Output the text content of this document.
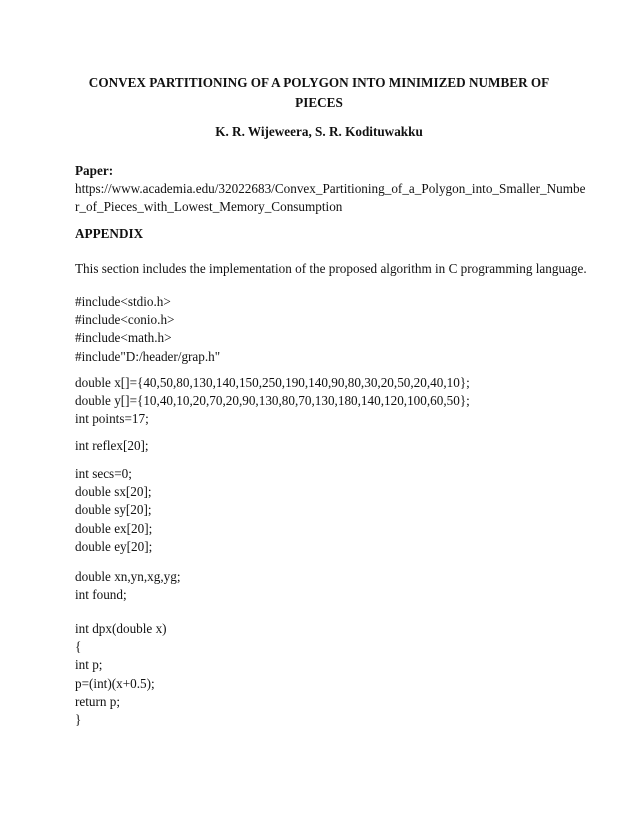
CONVEX PARTITIONING OF A POLYGON INTO MINIMIZED NUMBER OF
PIECES

K. R. Wijeweera, S. R. Kodituwakku

Paper:
https://www.academia.edu/32022683/Convex_Partitioning_of_a_Polygon_into_Smaller_Numbe
r_of_Pieces_with_Lowest_Memory_Consumption
APPENDIX
This section includes the implementation of the proposed algorithm in C programming language.
#include<stdio.h>
#include<conio.h>
#include<math.h>
#include"D:/header/grap.h"
double x[]={40,50,80,130,140,150,250,190,140,90,80,30,20,50,20,40,10};
double y[]={10,40,10,20,70,20,90,130,80,70,130,180,140,120,100,60,50};
int points=17;
int reflex[20];
int secs=0;
double sx[20];
double sy[20];
double ex[20];
double ey[20];
double xn,yn,xg,yg;
int found;
int dpx(double x)
{
int p;
p=(int)(x+0.5);
return p;
}
